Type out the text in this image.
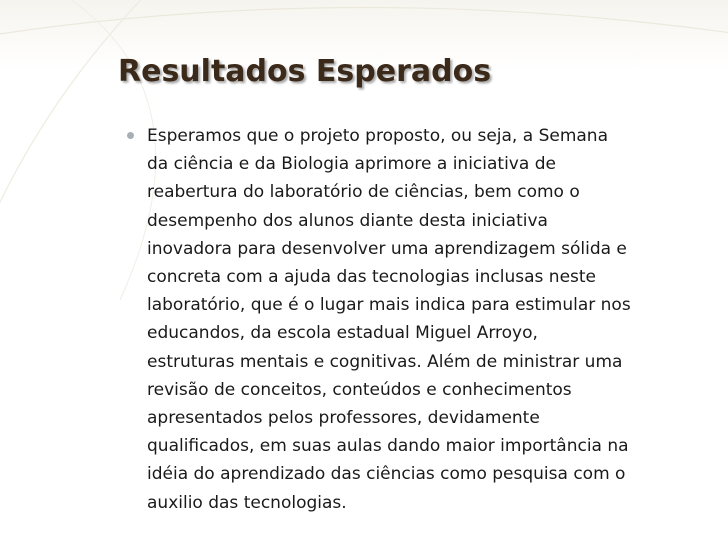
Resultados Esperados
Esperamos que o projeto proposto, ou seja, a Semana
da ciência e da Biologia aprimore a iniciativa de
reabertura do laboratório de ciências, bem como o
desempenho dos alunos diante desta iniciativa
inovadora para desenvolver uma aprendizagem sólida e
concreta com a ajuda das tecnologias inclusas neste
laboratório, que é o lugar mais indica para estimular nos
educandos, da escola estadual Miguel Arroyo,
estruturas mentais e cognitivas. Além de ministrar uma
revisão de conceitos, conteúdos e conhecimentos
apresentados pelos professores, devidamente
qualificados, em suas aulas dando maior importância na
idéia do aprendizado das ciências como pesquisa com o
auxilio das tecnologias.
